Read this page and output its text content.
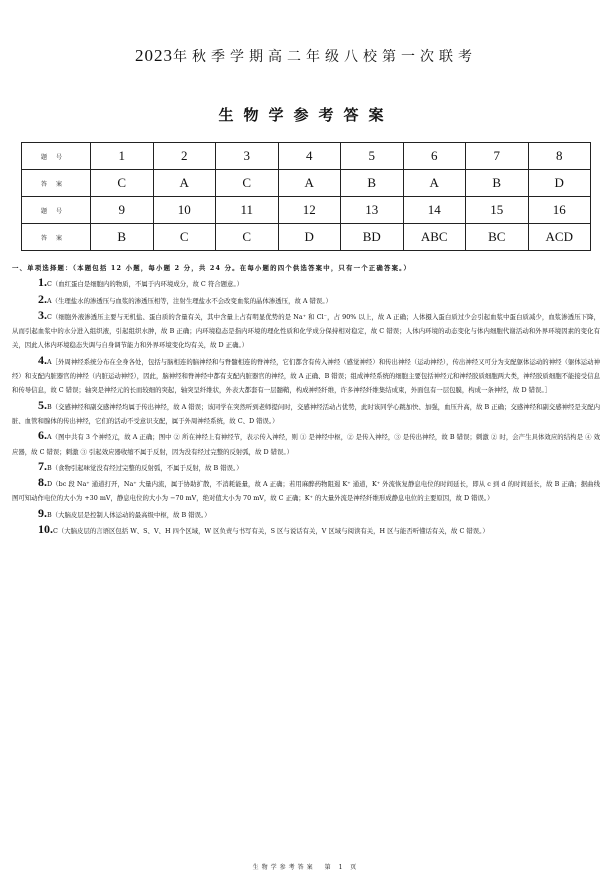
2023年秋季学期高二年级八校第一次联考
生物学参考答案
题号	1	2	3	4	5	6	7	8
答案	C	A	C	A	B	A	B	D
题号	9	10	11	12	13	14	15	16
答案	B	C	C	D	BD	ABC	BC	ACD

一、单项选择题：（本题包括 12 小题，每小题 2 分，共 24 分。在每小题的四个供选答案中，只有一个正确答案。）

1.C（血红蛋白是细胞内的物质，不属于内环境成分，故 C 符合题意。）

2.A（生理盐水的渗透压与血浆的渗透压相等，注射生理盐水不会改变血浆的晶体渗透压，故 A 错误。）

3.C（细胞外液渗透压主要与无机盐、蛋白质的含量有关，其中含量上占有明显优势的是 Na⁺ 和 Cl⁻，占 90% 以上，故 A 正确；人体摄入蛋白质过少会引起血浆中蛋白质减少，血浆渗透压下降，从而引起血浆中的水分进入组织液，引起组织水肿，故 B 正确；内环境稳态是指内环境的理化性质和化学成分保持相对稳定，故 C 错误；人体内环境的动态变化与体内细胞代谢活动和外界环境因素的变化有关，因此人体内环境稳态失调与自身调节能力和外界环境变化均有关，故 D 正确。）

4.A［外周神经系统分布在全身各处，包括与脑相连的脑神经和与脊髓相连的脊神经，它们都含有传入神经（感觉神经）和传出神经（运动神经），传出神经又可分为支配躯体运动的神经（躯体运动神经）和支配内脏器官的神经（内脏运动神经），因此，脑神经和脊神经中都有支配内脏器官的神经，故 A 正确、B 错误；组成神经系统的细胞主要包括神经元和神经胶质细胞两大类，神经胶质细胞不能接受信息和传导信息，故 C 错误；轴突是神经元的长而较细的突起，轴突呈纤维状，外表大都套有一层髓鞘，构成神经纤维，许多神经纤维集结成束，外面包有一层包膜，构成一条神经，故 D 错误。］

5.B（交感神经和副交感神经均属于传出神经，故 A 错误；该同学在突然听到老师提问时，交感神经活动占优势，此时该同学心跳加快、加强，血压升高，故 B 正确；交感神经和副交感神经是支配内脏、血管和腺体的传出神经，它们的活动不受意识支配，属于外周神经系统，故 C、D 错误。）

6.A（图中共有 3 个神经元，故 A 正确；图中 ② 所在神经上有神经节，表示传入神经，则 ① 是神经中枢，② 是传入神经，③ 是传出神经，故 B 错误；刺激 ② 时，会产生具体效应的结构是 ④ 效应器，故 C 错误；刺激 ③ 引起效应器收缩不属于反射，因为没有经过完整的反射弧，故 D 错误。）

7.B（食物引起味觉没有经过完整的反射弧，不属于反射，故 B 错误。）

8.D（bc 段 Na⁺ 通道打开，Na⁺ 大量内流，属于协助扩散，不消耗能量，故 A 正确；若用麻醉药物阻遏 K⁺ 通道，K⁺ 外流恢复静息电位的时间延长，即从 c 到 d 的时间延长，故 B 正确；据曲线图可知动作电位的大小为 +30 mV，静息电位的大小为 −70 mV，绝对值大小为 70 mV，故 C 正确；K⁺ 的大量外流是神经纤维形成静息电位的主要原因，故 D 错误。）

9.B（大脑皮层是控制人体运动的最高级中枢，故 B 错误。）

10.C（大脑皮层的言语区包括 W、S、V、H 四个区域，W 区负责与书写有关，S 区与说话有关，V 区域与阅读有关，H 区与能否听懂话有关，故 C 错误。）

生物学参考答案　第 1 页
